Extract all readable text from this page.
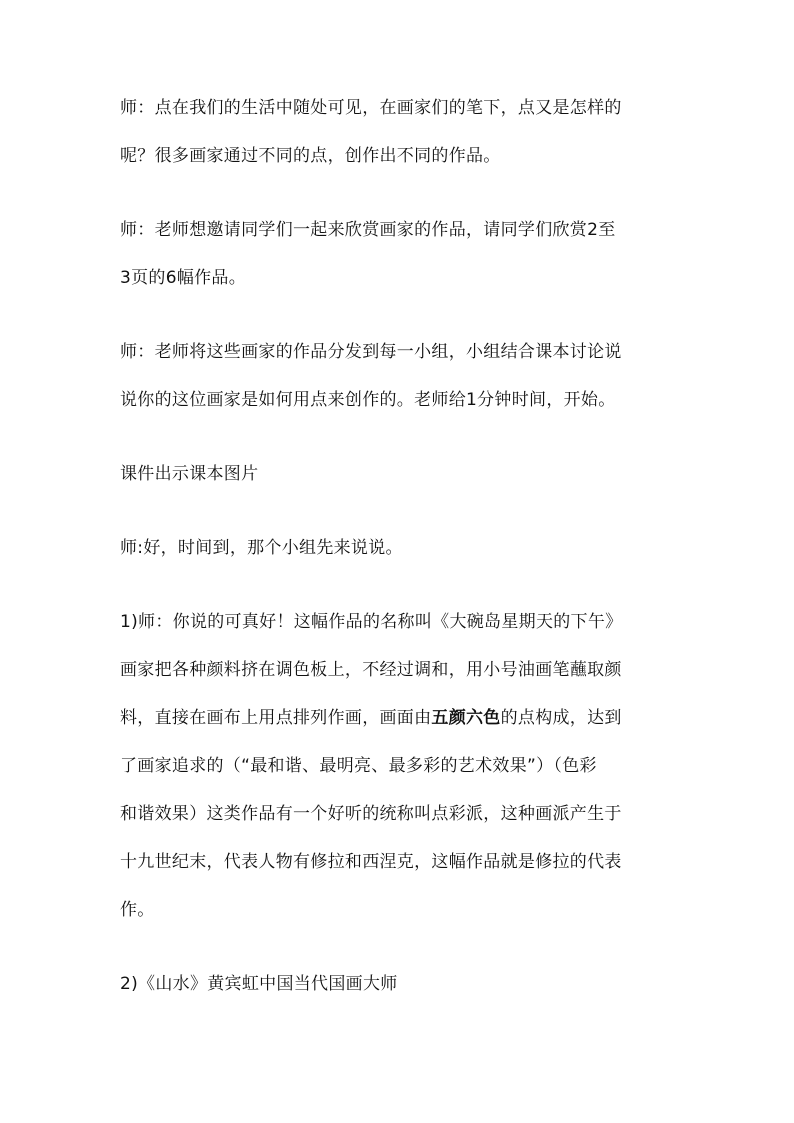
师：点在我们的生活中随处可见，在画家们的笔下，点又是怎样的
呢？很多画家通过不同的点，创作出不同的作品。
师：老师想邀请同学们一起来欣赏画家的作品，请同学们欣赏2至
3页的6幅作品。
师：老师将这些画家的作品分发到每一小组，小组结合课本讨论说
说你的这位画家是如何用点来创作的。老师给1分钟时间，开始。
课件出示课本图片
师:好，时间到，那个小组先来说说。
1)师：你说的可真好！这幅作品的名称叫《大碗岛星期天的下午》
画家把各种颜料挤在调色板上，不经过调和，用小号油画笔蘸取颜
料，直接在画布上用点排列作画，画面由五颜六色的点构成，达到
了画家追求的（“最和谐、最明亮、最多彩的艺术效果”）（色彩
和谐效果）这类作品有一个好听的统称叫点彩派，这种画派产生于
十九世纪末，代表人物有修拉和西涅克，这幅作品就是修拉的代表
作。
2)《山水》黄宾虹中国当代国画大师
